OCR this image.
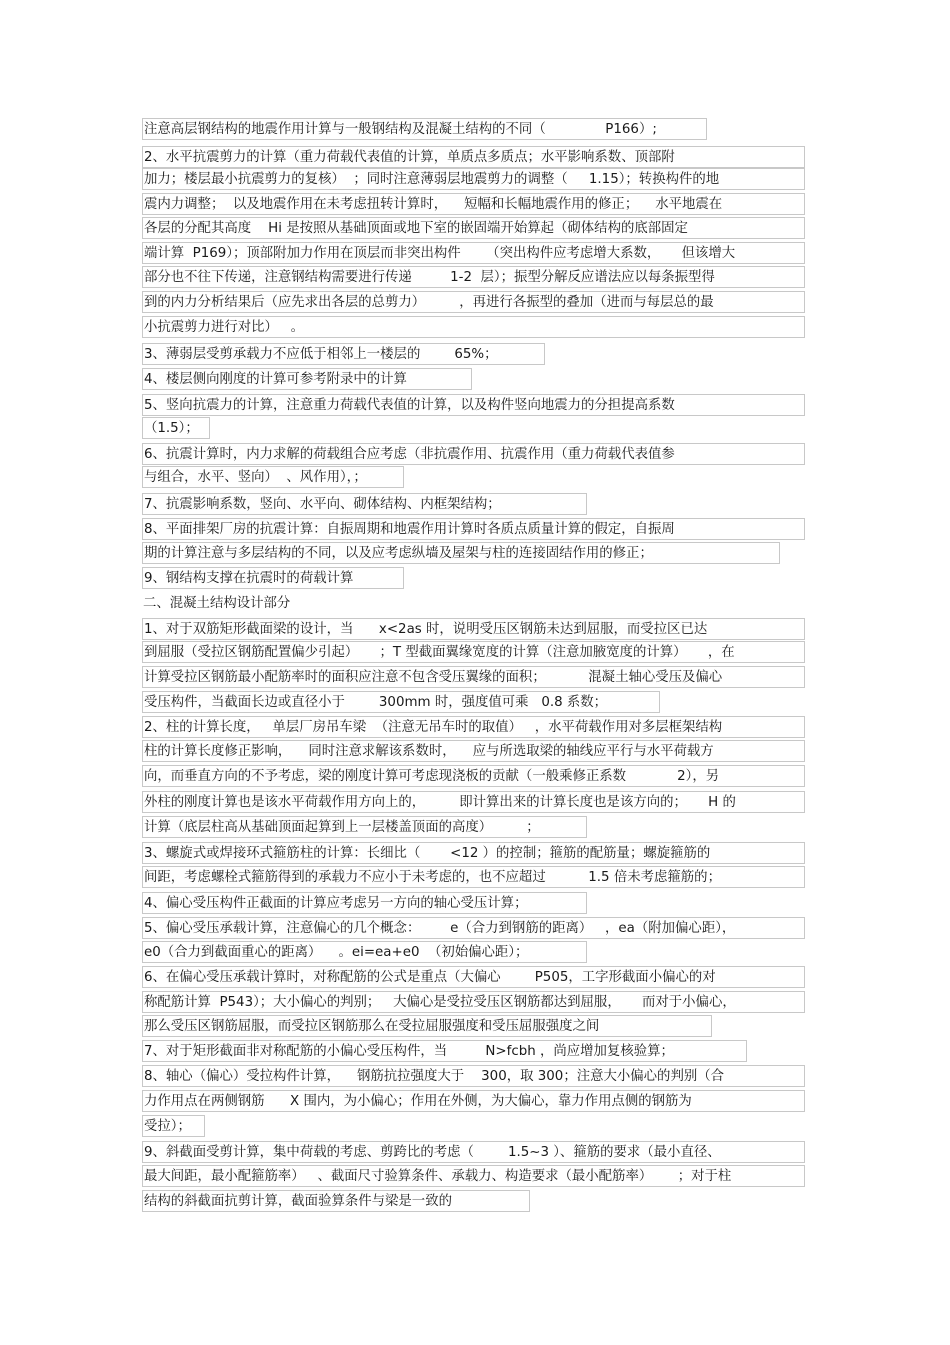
注意高层钢结构的地震作用计算与一般钢结构及混凝土结构的不同（              P166）;
2、水平抗震剪力的计算（重力荷载代表值的计算，单质点多质点；水平影响系数、顶部附
加力；楼层最小抗震剪力的复核）  ；同时注意薄弱层地震剪力的调整（     1.15）；转换构件的地
震内力调整；  以及地震作用在未考虑扭转计算时，    短幅和长幅地震作用的修正；    水平地震在
各层的分配其高度    Hi 是按照从基础顶面或地下室的嵌固端开始算起（砌体结构的底部固定
端计算  P169）；顶部附加力作用在顶层而非突出构件      （突出构件应考虑增大系数，     但该增大
部分也不往下传递，注意钢结构需要进行传递         1-2  层）；振型分解反应谱法应以每条振型得
到的内力分析结果后（应先求出各层的总剪力）        ，再进行各振型的叠加（进而与每层总的最
小抗震剪力进行对比）   。
3、薄弱层受剪承载力不应低于相邻上一楼层的        65%；
4、楼层侧向刚度的计算可参考附录中的计算
5、竖向抗震力的计算，注意重力荷载代表值的计算，以及构件竖向地震力的分担提高系数
（1.5）；
6、抗震计算时，内力求解的荷载组合应考虑（非抗震作用、抗震作用（重力荷载代表值参
与组合，水平、竖向）  、风作用），；
7、抗震影响系数，竖向、水平向、砌体结构、内框架结构；
8、平面排架厂房的抗震计算：自振周期和地震作用计算时各质点质量计算的假定，自振周
期的计算注意与多层结构的不同，以及应考虑纵墙及屋架与柱的连接固结作用的修正；
9、钢结构支撑在抗震时的荷载计算
二、混凝土结构设计部分
1、对于双筋矩形截面梁的设计，当      x<2as 时，说明受压区钢筋未达到屈服，而受拉区已达
到屈服（受拉区钢筋配置偏少引起）     ；T 型截面翼缘宽度的计算（注意加腋宽度的计算）     ，在
计算受拉区钢筋最小配筋率时的面积应注意不包含受压翼缘的面积；          混凝土轴心受压及偏心
受压构件，当截面长边或直径小于        300mm 时，强度值可乘   0.8 系数；
2、柱的计算长度，   单层厂房吊车梁  （注意无吊车时的取值）   ，水平荷载作用对多层框架结构
柱的计算长度修正影响，    同时注意求解该系数时，    应与所选取梁的轴线应平行与水平荷载方
向，而垂直方向的不予考虑，梁的刚度计算可考虑现浇板的贡献（一般乘修正系数            2），另
外柱的刚度计算也是该水平荷载作用方向上的，        即计算出来的计算长度也是该方向的；     H 的
计算（底层柱高从基础顶面起算到上一层楼盖顶面的高度）        ；
3、螺旋式或焊接环式箍筋柱的计算：长细比（       <12 ）的控制；箍筋的配筋量；螺旋箍筋的
间距，考虑螺栓式箍筋得到的承载力不应小于未考虑的，也不应超过          1.5 倍未考虑箍筋的；
4、偏心受压构件正截面的计算应考虑另一方向的轴心受压计算；
5、偏心受压承载计算，注意偏心的几个概念：       e（合力到钢筋的距离）   ，ea（附加偏心距），
e0（合力到截面重心的距离）    。ei=ea+e0  （初始偏心距）；
6、在偏心受压承载计算时，对称配筋的公式是重点（大偏心        P505，工字形截面小偏心的对
称配筋计算  P543）；大小偏心的判别；   大偏心是受拉受压区钢筋都达到屈服，     而对于小偏心，
那么受压区钢筋屈服，而受拉区钢筋那么在受拉屈服强度和受压屈服强度之间
7、对于矩形截面非对称配筋的小偏心受压构件，当         N>fcbh ，尚应增加复核验算；
8、轴心（偏心）受拉构件计算，    钢筋抗拉强度大于    300，取 300；注意大小偏心的判别（合
力作用点在两侧钢筋      X 围内，为小偏心；作用在外侧，为大偏心，靠力作用点侧的钢筋为
受拉）；
9、斜截面受剪计算，集中荷载的考虑、剪跨比的考虑（        1.5~3 ）、箍筋的要求（最小直径、
最大间距，最小配箍筋率）   、截面尺寸验算条件、承载力、构造要求（最小配筋率）      ；对于柱
结构的斜截面抗剪计算，截面验算条件与梁是一致的
